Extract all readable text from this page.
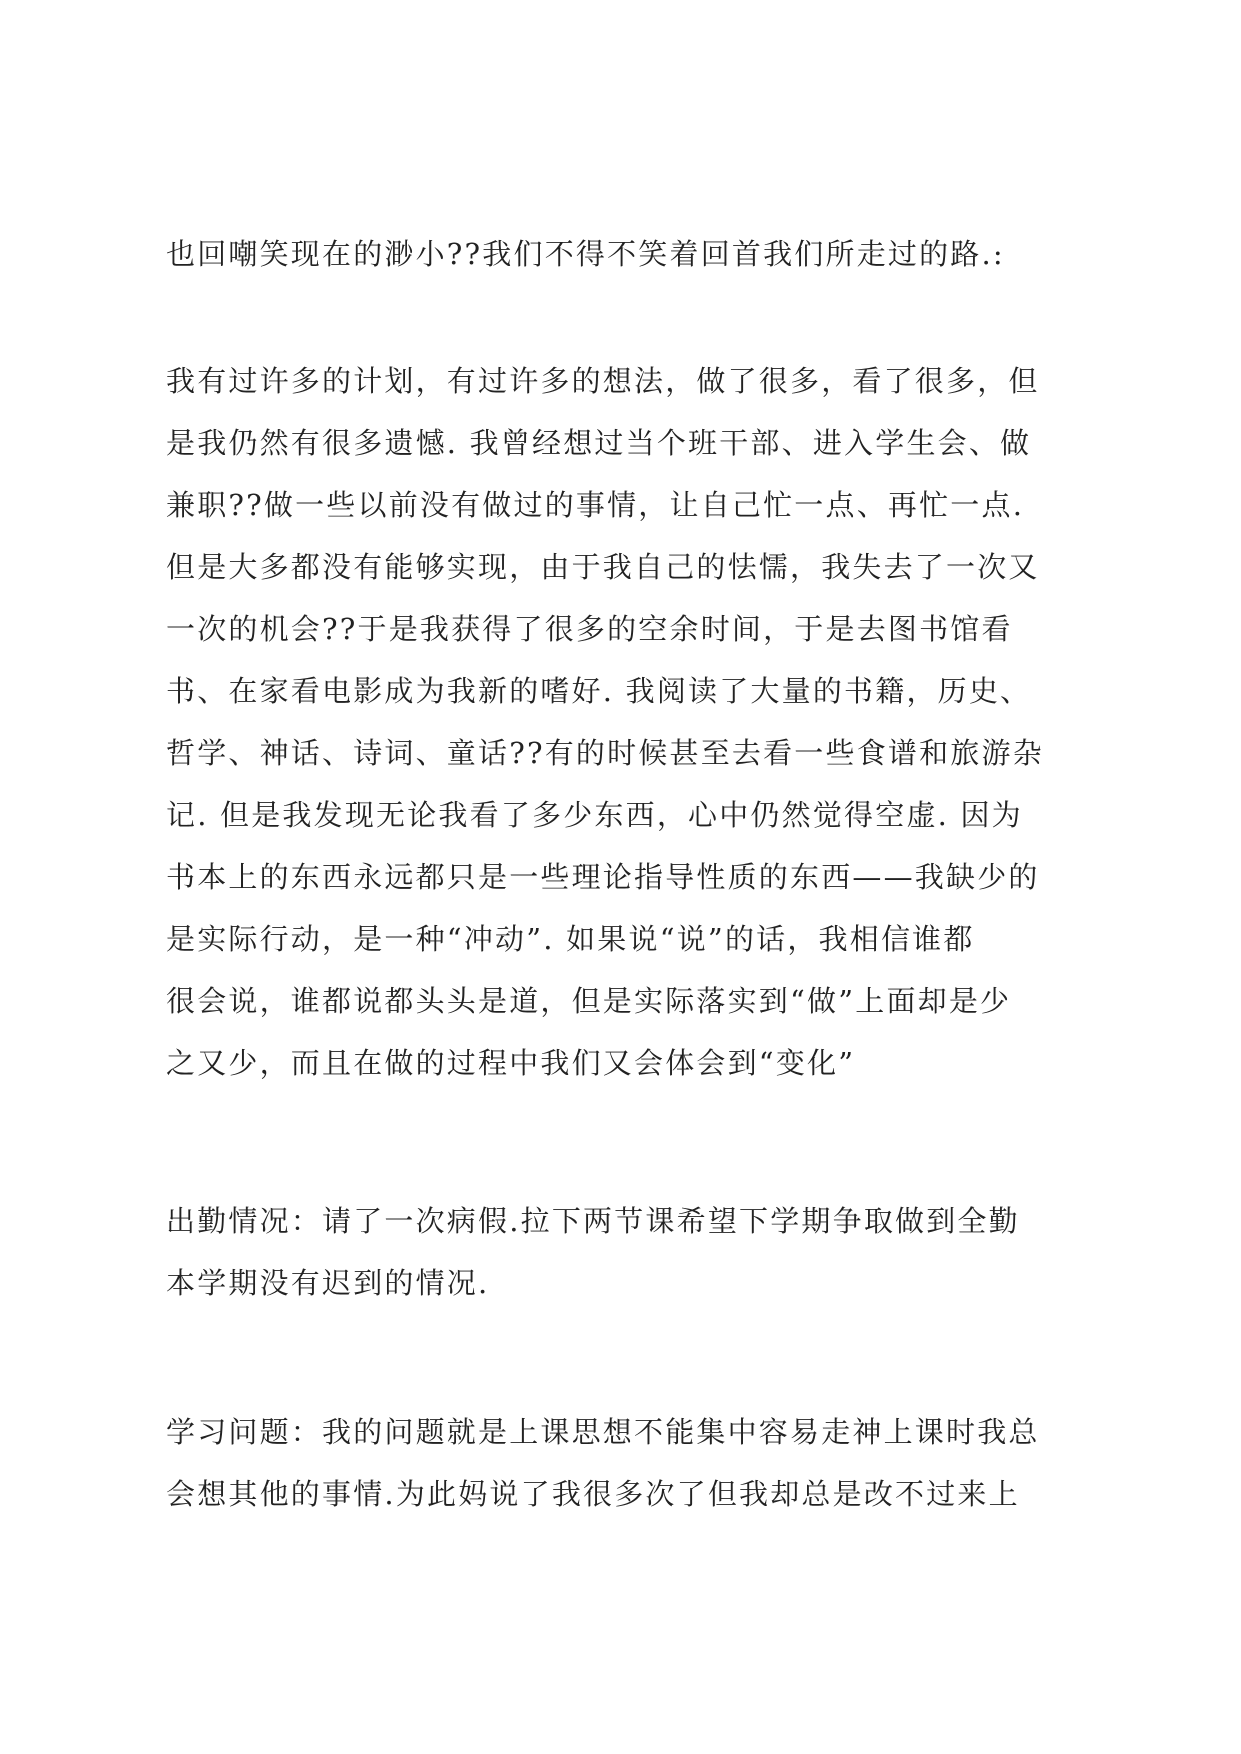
也回嘲笑现在的渺小??我们不得不笑着回首我们所走过的路.:
我有过许多的计划，有过许多的想法，做了很多，看了很多，但
是我仍然有很多遗憾. 我曾经想过当个班干部、进入学生会、做
兼职??做一些以前没有做过的事情，让自己忙一点、再忙一点.
但是大多都没有能够实现，由于我自己的怯懦，我失去了一次又
一次的机会??于是我获得了很多的空余时间，于是去图书馆看
书、在家看电影成为我新的嗜好. 我阅读了大量的书籍，历史、
哲学、神话、诗词、童话??有的时候甚至去看一些食谱和旅游杂
记. 但是我发现无论我看了多少东西，心中仍然觉得空虚. 因为
书本上的东西永远都只是一些理论指导性质的东西——我缺少的
是实际行动，是一种“冲动”. 如果说“说”的话，我相信谁都
很会说，谁都说都头头是道，但是实际落实到“做”上面却是少
之又少，而且在做的过程中我们又会体会到“变化”
出勤情况：请了一次病假.拉下两节课希望下学期争取做到全勤
本学期没有迟到的情况.
学习问题：我的问题就是上课思想不能集中容易走神上课时我总
会想其他的事情.为此妈说了我很多次了但我却总是改不过来上
